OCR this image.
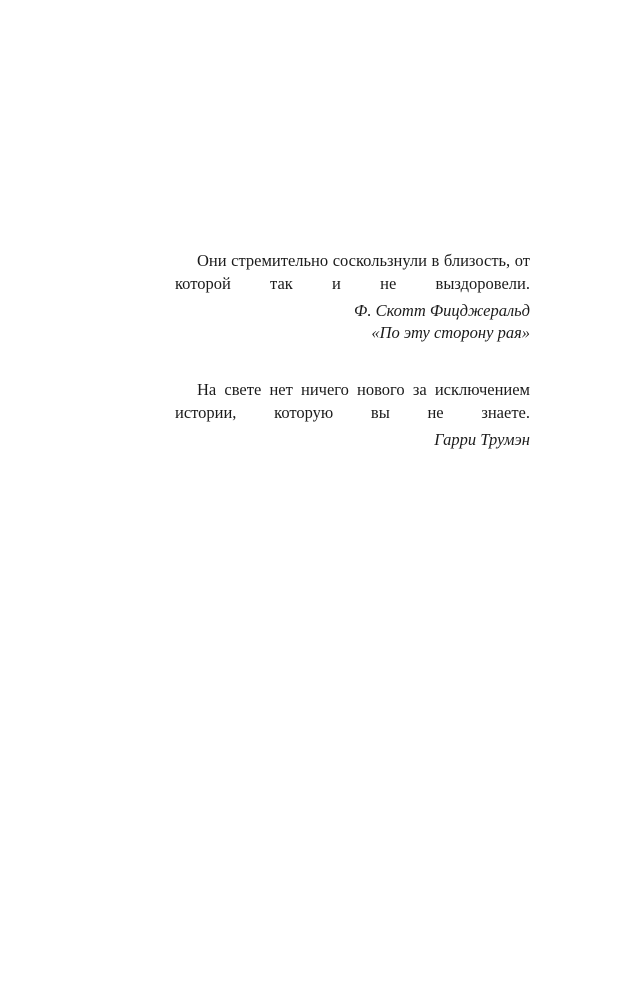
Они стремительно соскользнули в близость, от которой так и не выздоровели.

Ф. Скотт Фицджеральд
«По эту сторону рая»

На свете нет ничего нового за исключением истории, которую вы не знаете.

Гарри Трумэн
